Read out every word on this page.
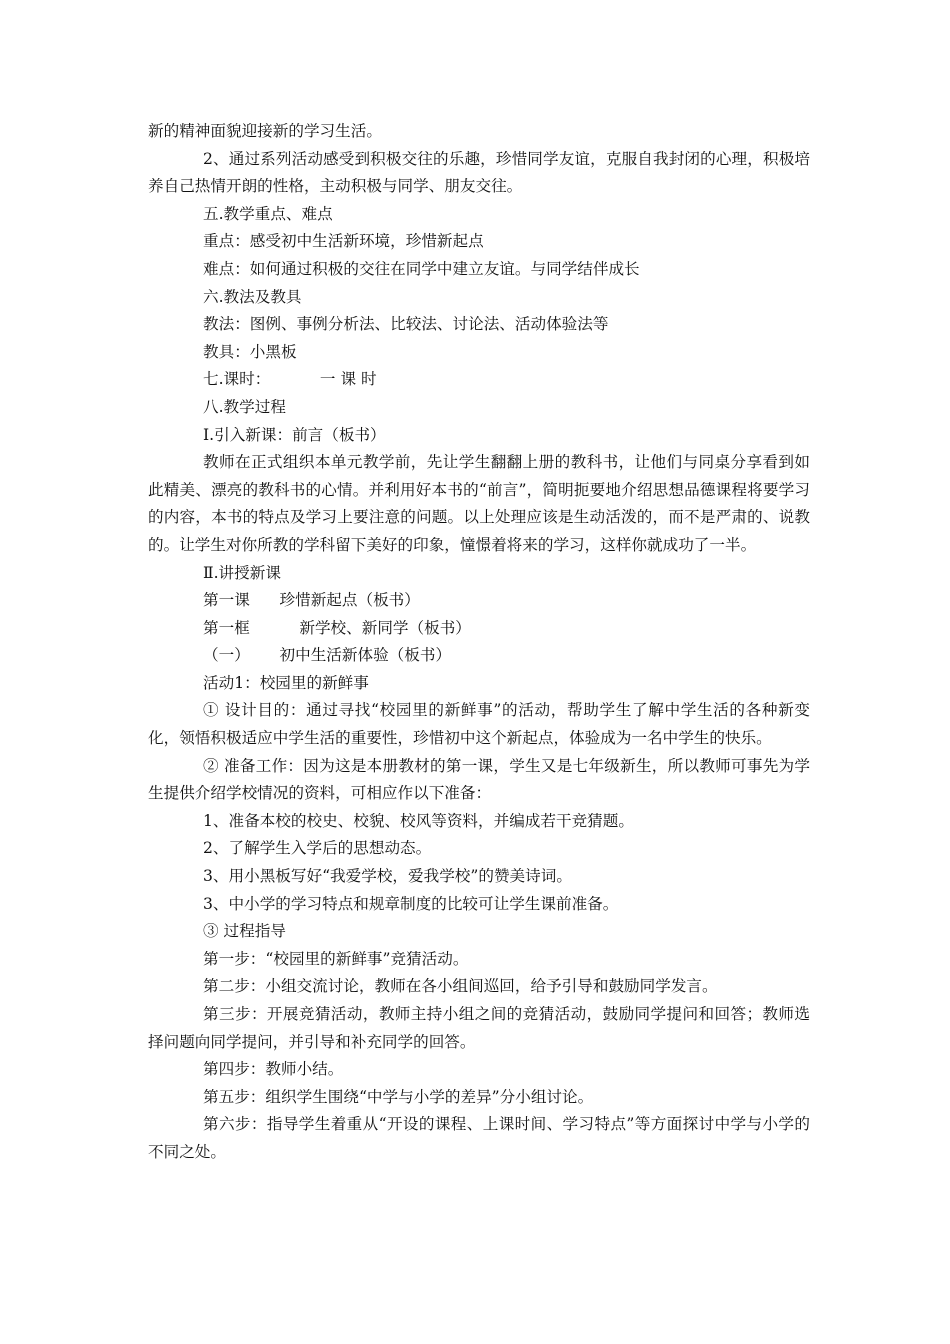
新的精神面貌迎接新的学习生活。

2、通过系列活动感受到积极交往的乐趣，珍惜同学友谊，克服自我封闭的心理，积极培养自己热情开朗的性格，主动积极与同学、朋友交往。

五.教学重点、难点

重点：感受初中生活新环境，珍惜新起点

难点：如何通过积极的交往在同学中建立友谊。与同学结伴成长

六.教法及教具

教法：图例、事例分析法、比较法、讨论法、活动体验法等

教具：小黑板

七.课时：          一 课 时

八.教学过程

Ⅰ.引入新课：前言（板书）

教师在正式组织本单元教学前，先让学生翻翻上册的教科书，让他们与同桌分享看到如此精美、漂亮的教科书的心情。并利用好本书的“前言”，简明扼要地介绍思想品德课程将要学习的内容，本书的特点及学习上要注意的问题。以上处理应该是生动活泼的，而不是严肃的、说教的。让学生对你所教的学科留下美好的印象，憧憬着将来的学习，这样你就成功了一半。

Ⅱ.讲授新课

第一课      珍惜新起点（板书）

第一框          新学校、新同学（板书）

（一）      初中生活新体验（板书）

活动1：校园里的新鲜事

① 设计目的：通过寻找“校园里的新鲜事”的活动，帮助学生了解中学生活的各种新变化，领悟积极适应中学生活的重要性，珍惜初中这个新起点，体验成为一名中学生的快乐。

② 准备工作：因为这是本册教材的第一课，学生又是七年级新生，所以教师可事先为学生提供介绍学校情况的资料，可相应作以下准备：

1、准备本校的校史、校貌、校风等资料，并编成若干竞猜题。

2、了解学生入学后的思想动态。

3、用小黑板写好“我爱学校，爱我学校”的赞美诗词。

3、中小学的学习特点和规章制度的比较可让学生课前准备。

③ 过程指导

第一步：“校园里的新鲜事”竞猜活动。

第二步：小组交流讨论，教师在各小组间巡回，给予引导和鼓励同学发言。

第三步：开展竞猜活动，教师主持小组之间的竞猜活动，鼓励同学提问和回答；教师选择问题向同学提问，并引导和补充同学的回答。

第四步：教师小结。

第五步：组织学生围绕“中学与小学的差异”分小组讨论。

第六步：指导学生着重从“开设的课程、上课时间、学习特点”等方面探讨中学与小学的不同之处。
